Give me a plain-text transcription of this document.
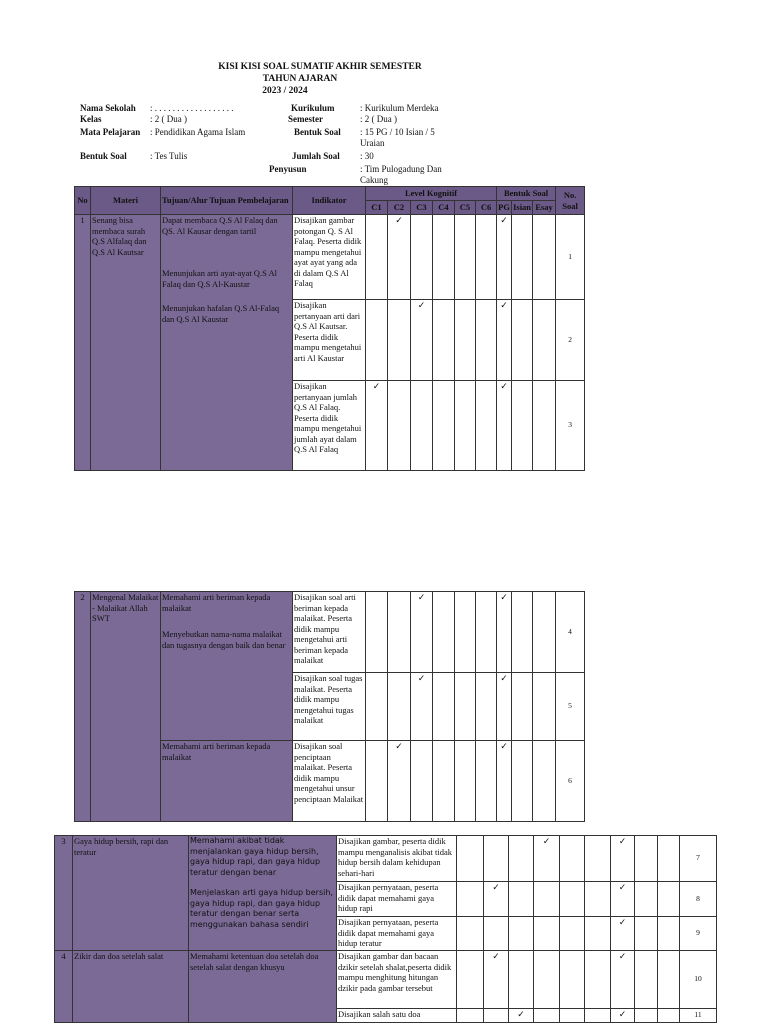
KISI KISI SOAL SUMATIF AKHIR SEMESTER
TAHUN AJARAN
2023 / 2024
Nama Sekolah : . . . . . . . . . . . . . . . . . .
Kelas	: 2 ( Dua )
Mata Pelajaran : Pendidikan Agama Islam
Bentuk Soal	: Tes Tulis
Kurikulum	: Kurikulum Merdeka
Semester	: 2 ( Dua )
Bentuk Soal : 15 PG / 10 Isian / 5
Uraian
Jumlah Soal : 30
Penyusun	: Tim Pulogadung Dan
Cakung
No	Materi	Tujuan/Alur Tujuan Pembelajaran	Indikator	Level Kognitif						Bentuk Soal			No. Soal
				C1	C2	C3	C4	C5	C6	PG	Isian	Esay	
1	Senang bisa membaca surah Q.S Alfalaq dan Q.S Al Kautsar	Dapat membaca Q.S Al Falaq dan QS. Al Kausar dengan tartil
Menunjukan arti ayat-ayat Q.S Al Falaq dan Q.S Al-Kaustar
Menunjukan hafalan Q.S Al-Falaq dan Q.S Al Kaustar	Disajikan gambar potongan Q. S Al Falaq. Peserta didik mampu mengetahui ayat ayat yang ada di dalam Q.S Al Falaq		✓					✓			1
			Disajikan pertanyaan arti dari Q.S Al Kautsar. Peserta didik mampu mengetahui arti Al Kaustar			✓				✓			2
			Disajikan pertanyaan jumlah Q.S Al Falaq. Peserta didik mampu mengetahui jumlah ayat dalam Q.S Al Falaq	✓						✓			3
2	Mengenal Malaikat - Malaikat Allah SWT	Memahami arti beriman kepada malaikat
Menyebutkan nama-nama malaikat dan tugasnya dengan baik dan benar	Disajikan soal arti beriman kepada malaikat. Peserta didik mampu mengetahui arti beriman kepada malaikat			✓				✓			4
			Disajikan soal tugas malaikat. Peserta didik mampu mengetahui tugas malaikat			✓				✓			5
		Memahami arti beriman kepada malaikat	Disajikan soal penciptaan malaikat. Peserta didik mampu mengetahui unsur penciptaan Malaikat		✓					✓			6
3	Gaya hidup bersih, rapi dan teratur	Memahami akibat tidak menjalankan gaya hidup bersih, gaya hidup rapi, dan gaya hidup teratur dengan benar
Menjelaskan arti gaya hidup bersih, gaya hidup rapi, dan gaya hidup teratur dengan benar serta menggunakan bahasa sendiri	Disajikan gambar, peserta didik mampu menganalisis akibat tidak hidup bersih dalam kehidupan sehari-hari				✓			✓			7
			Disajikan pernyataan, peserta didik dapat memahami gaya hidup rapi		✓					✓			8
			Disajikan pernyataan, peserta didik dapat memahami gaya hidup teratur							✓			9
4	Zikir dan doa setelah salat	Memahami ketentuan doa setelah doa setelah salat dengan khusyu	Disajikan gambar dan bacaan dzikir setelah shalat,peserta didik mampu menghitung hitungan dzikir pada gambar tersebut		✓					✓			10
			Disajikan salah satu doa			✓				✓			11
